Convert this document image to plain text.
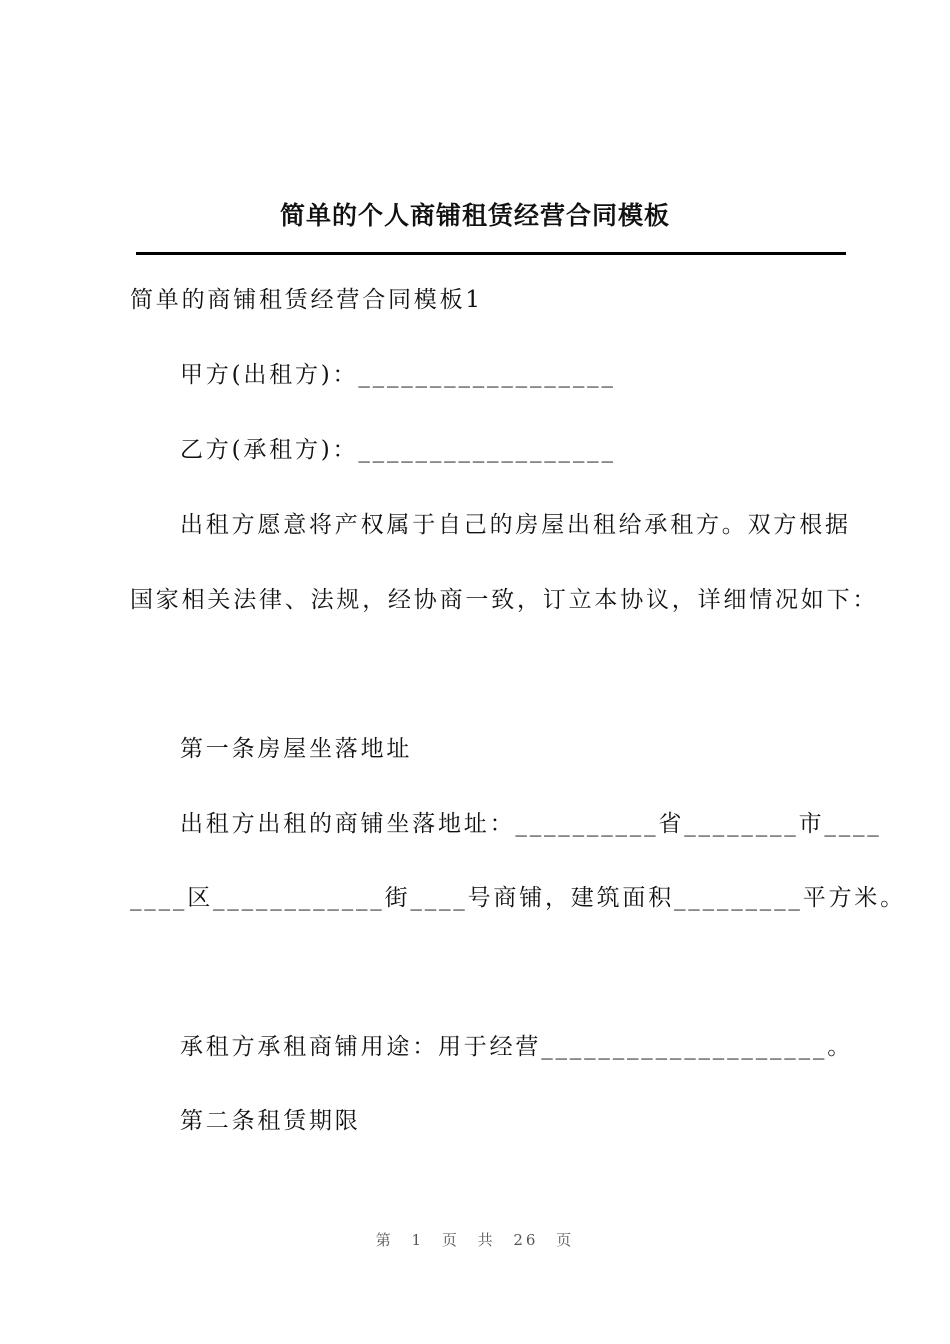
简单的个人商铺租赁经营合同模板
简单的商铺租赁经营合同模板1
甲方(出租方)：__________________
乙方(承租方)：__________________
出租方愿意将产权属于自己的房屋出租给承租方。双方根据
国家相关法律、法规，经协商一致，订立本协议，详细情况如下：
第一条房屋坐落地址
出租方出租的商铺坐落地址：__________省________市____
____区____________街____号商铺，建筑面积_________平方米。
承租方承租商铺用途：用于经营____________________。
第二条租赁期限
第 1 页 共 26 页
